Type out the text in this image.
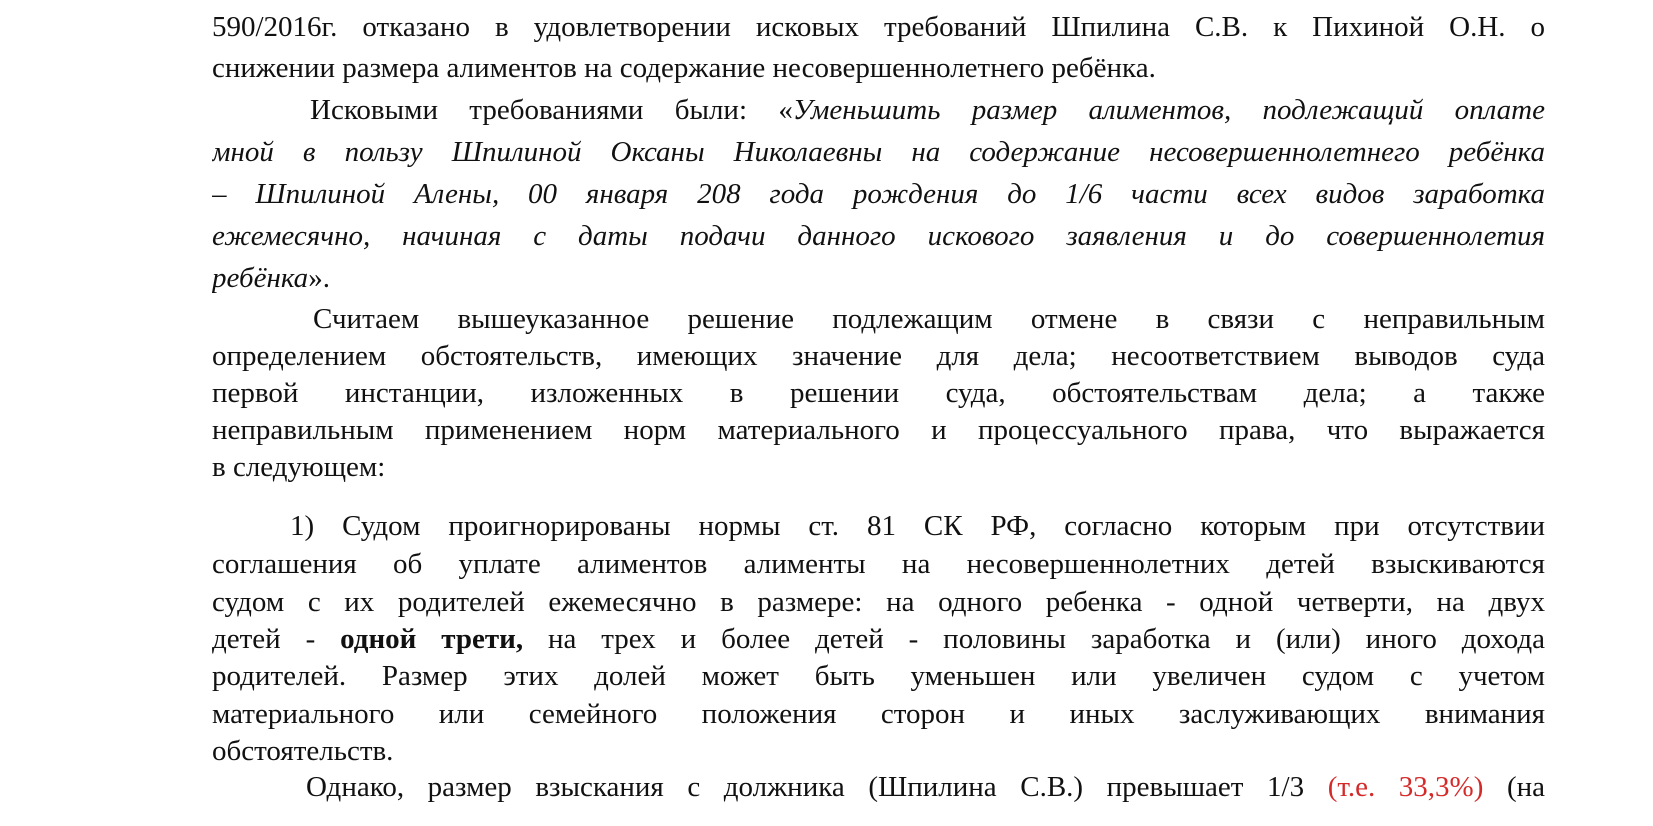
590/2016г. отказано в удовлетворении исковых требований Шпилина С.В. к Пихиной О.Н. о
снижении размера алиментов на содержание несовершеннолетнего ребёнка.
Исковыми требованиями были: «Уменьшить размер алиментов, подлежащий оплате
мной в пользу Шпилиной Оксаны Николаевны на содержание несовершеннолетнего ребёнка
– Шпилиной Алены, 00 января 208 года рождения до 1/6 части всех видов заработка
ежемесячно, начиная с даты подачи данного искового заявления и до совершеннолетия
ребёнка».
Считаем вышеуказанное решение подлежащим отмене в связи с неправильным
определением обстоятельств, имеющих значение для дела; несоответствием выводов суда
первой инстанции, изложенных в решении суда, обстоятельствам дела; а также
неправильным применением норм материального и процессуального права, что выражается
в следующем:
1) Судом проигнорированы нормы ст. 81 СК РФ, согласно которым при отсутствии
соглашения об уплате алиментов алименты на несовершеннолетних детей взыскиваются
судом с их родителей ежемесячно в размере: на одного ребенка - одной четверти, на двух
детей - одной трети, на трех и более детей - половины заработка и (или) иного дохода
родителей. Размер этих долей может быть уменьшен или увеличен судом с учетом
материального или семейного положения сторон и иных заслуживающих внимания
обстоятельств.
Однако, размер взыскания с должника (Шпилина С.В.) превышает 1/3 (т.е. 33,3%) (на
